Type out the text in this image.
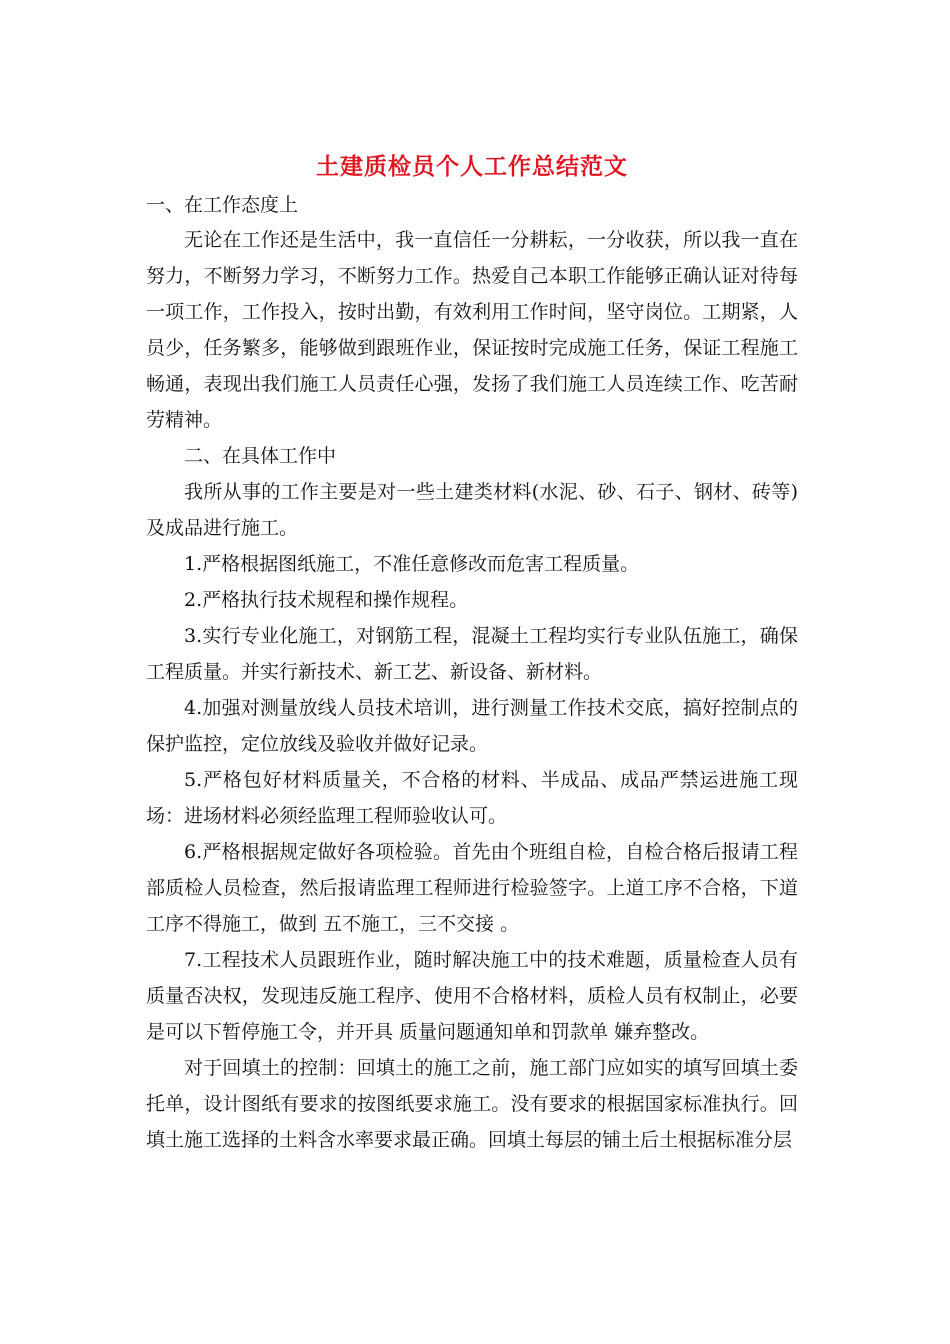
土建质检员个人工作总结范文

一、在工作态度上

无论在工作还是生活中，我一直信任一分耕耘，一分收获，所以我一直在努力，不断努力学习，不断努力工作。热爱自己本职工作能够正确认证对待每一项工作，工作投入，按时出勤，有效利用工作时间，坚守岗位。工期紧，人员少，任务繁多，能够做到跟班作业，保证按时完成施工任务，保证工程施工畅通，表现出我们施工人员责任心强，发扬了我们施工人员连续工作、吃苦耐劳精神。

二、在具体工作中

我所从事的工作主要是对一些土建类材料(水泥、砂、石子、钢材、砖等)及成品进行施工。

1.严格根据图纸施工，不准任意修改而危害工程质量。

2.严格执行技术规程和操作规程。

3.实行专业化施工，对钢筋工程，混凝土工程均实行专业队伍施工，确保工程质量。并实行新技术、新工艺、新设备、新材料。

4.加强对测量放线人员技术培训，进行测量工作技术交底，搞好控制点的保护监控，定位放线及验收并做好记录。

5.严格包好材料质量关，不合格的材料、半成品、成品严禁运进施工现场：进场材料必须经监理工程师验收认可。

6.严格根据规定做好各项检验。首先由个班组自检，自检合格后报请工程部质检人员检查，然后报请监理工程师进行检验签字。上道工序不合格，下道工序不得施工，做到 五不施工，三不交接 。

7.工程技术人员跟班作业，随时解决施工中的技术难题，质量检查人员有质量否决权，发现违反施工程序、使用不合格材料，质检人员有权制止，必要是可以下暂停施工令，并开具 质量问题通知单和罚款单 嫌弃整改。

对于回填土的控制：回填土的施工之前，施工部门应如实的填写回填土委托单，设计图纸有要求的按图纸要求施工。没有要求的根据国家标准执行。回填土施工选择的土料含水率要求最正确。回填土每层的铺土后土根据标准分层
